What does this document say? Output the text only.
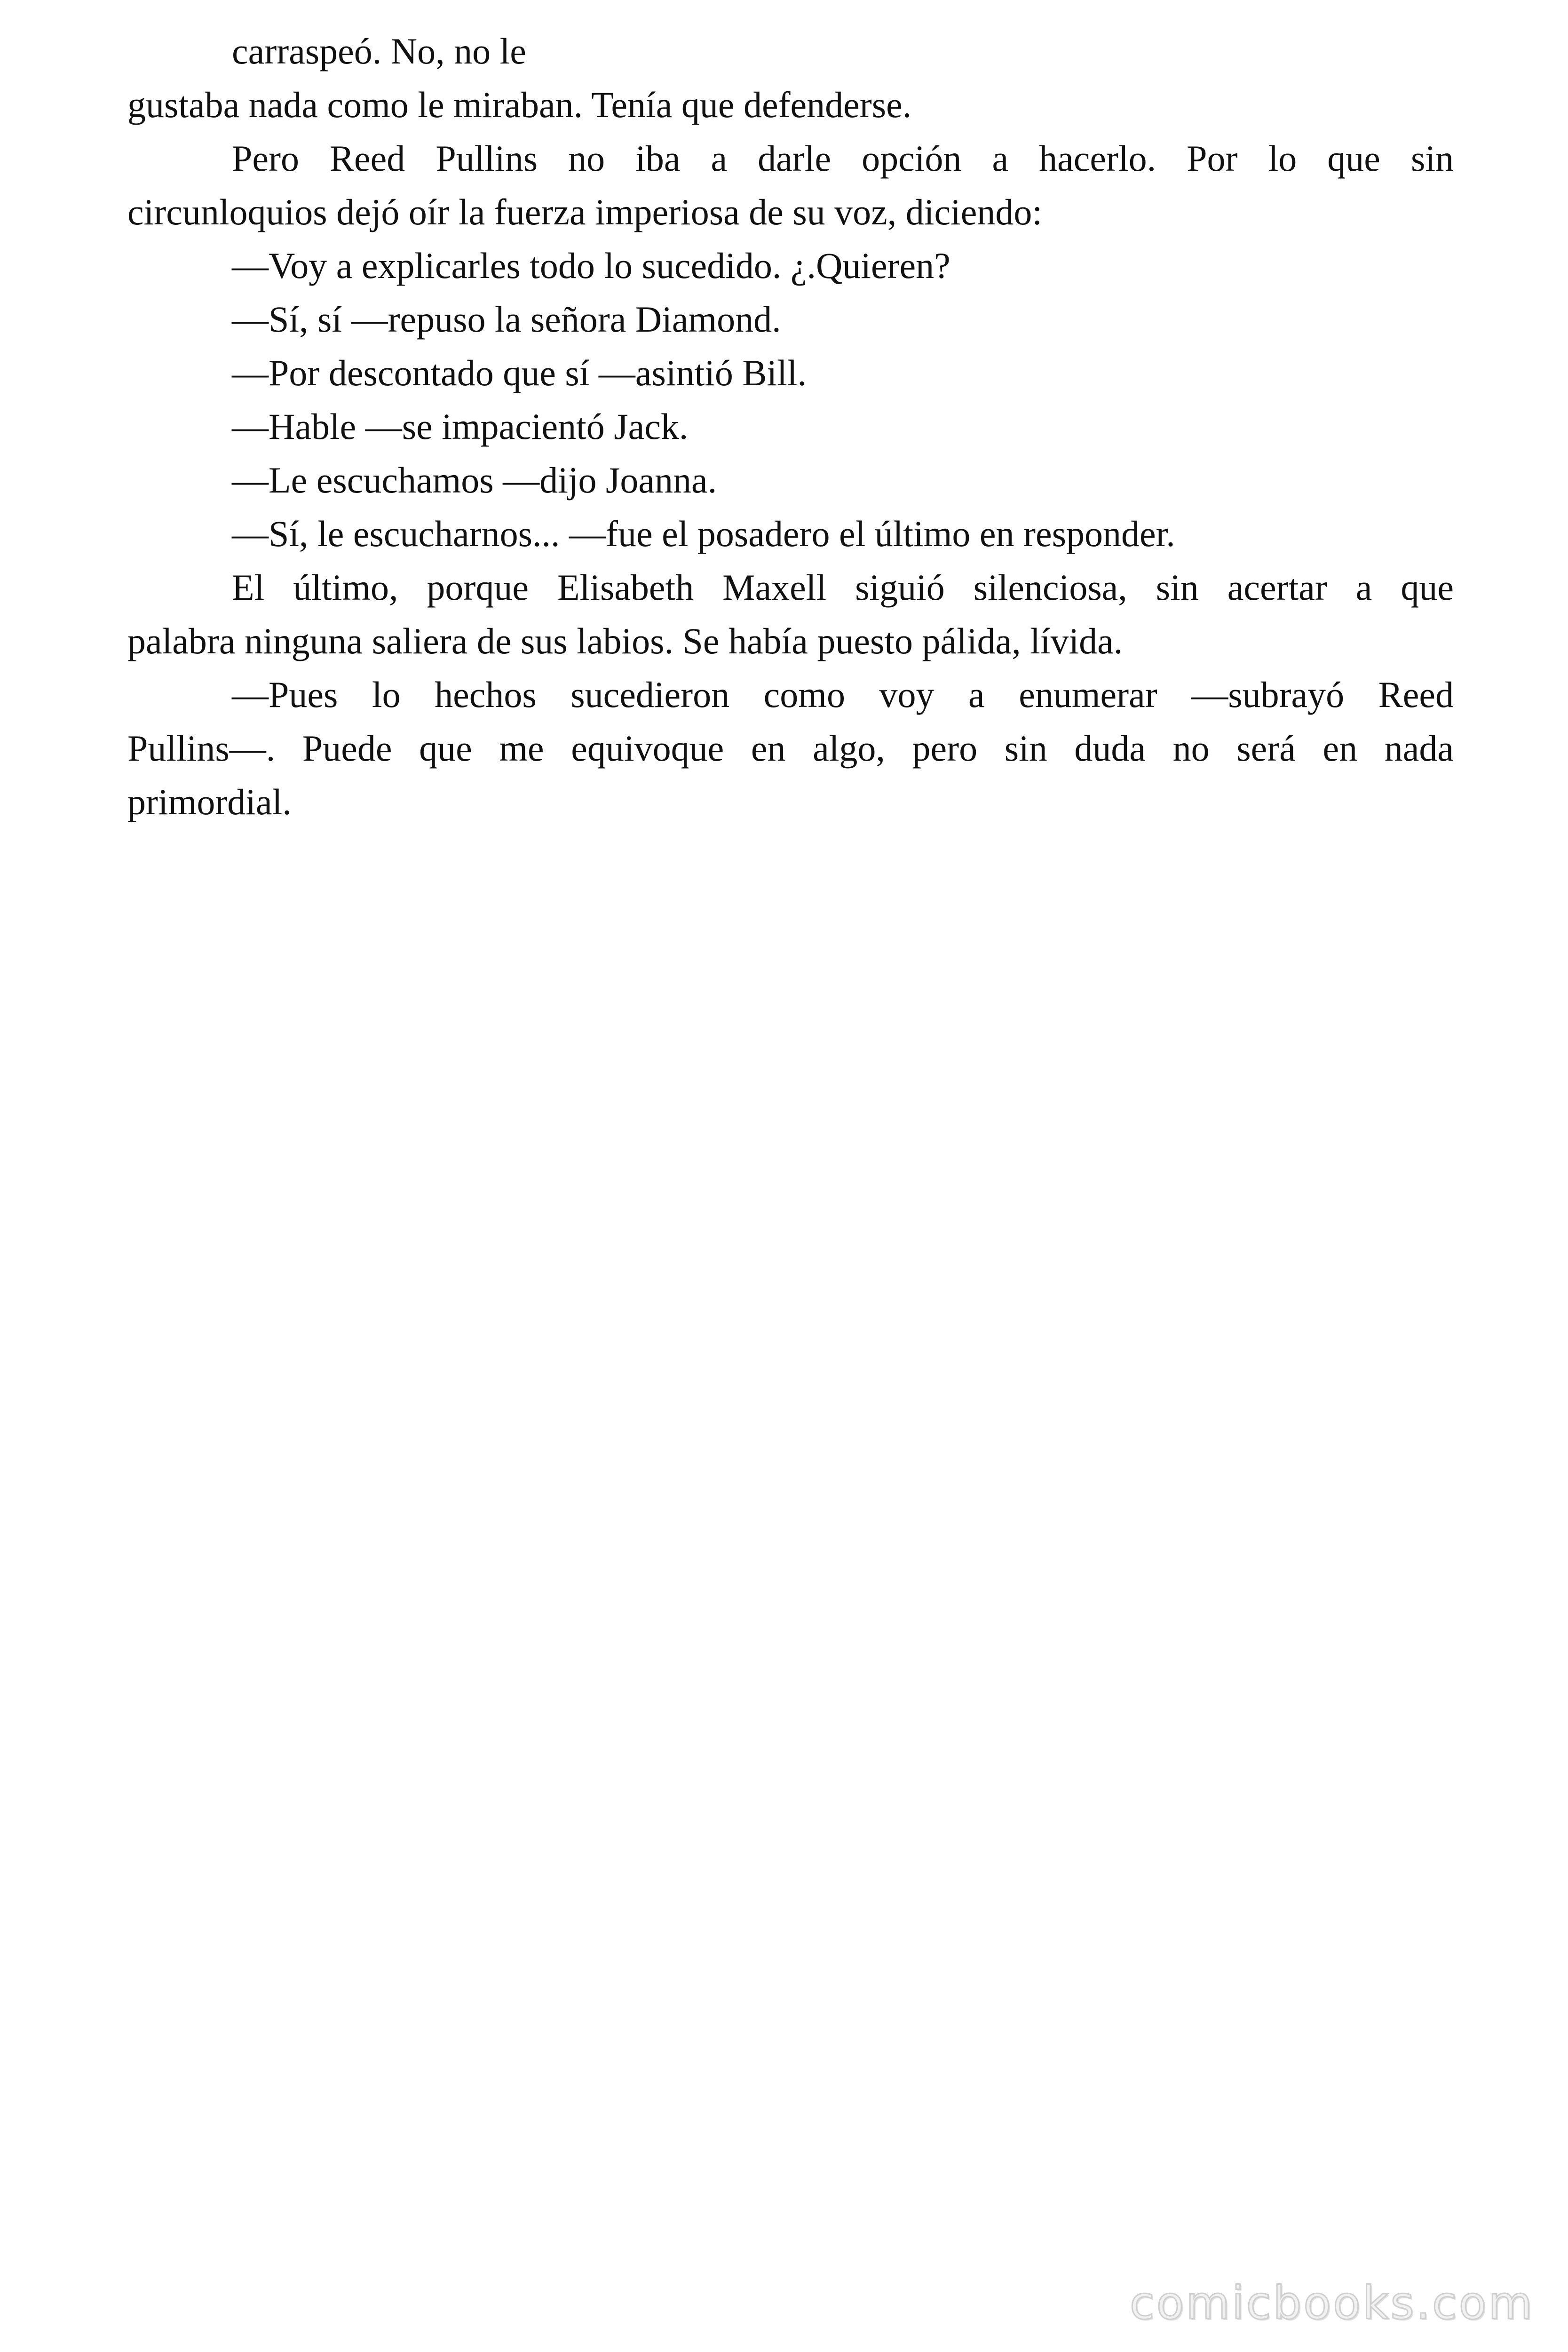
carraspeó. No, no le
gustaba nada como le miraban. Tenía que defenderse.
Pero Reed Pullins no iba a darle opción a hacerlo. Por lo que sin
circunloquios dejó oír la fuerza imperiosa de su voz, diciendo:
—Voy a explicarles todo lo sucedido. ¿.Quieren?
—Sí, sí —repuso la señora Diamond.
—Por descontado que sí —asintió Bill.
—Hable —se impacientó Jack.
—Le escuchamos —dijo Joanna.
—Sí, le escucharnos... —fue el posadero el último en responder.
El último, porque Elisabeth Maxell siguió silenciosa, sin acertar a que
palabra ninguna saliera de sus labios. Se había puesto pálida, lívida.
—Pues lo hechos sucedieron como voy a enumerar —subrayó Reed
Pullins—. Puede que me equivoque en algo, pero sin duda no será en nada
primordial.
comicbooks.com
